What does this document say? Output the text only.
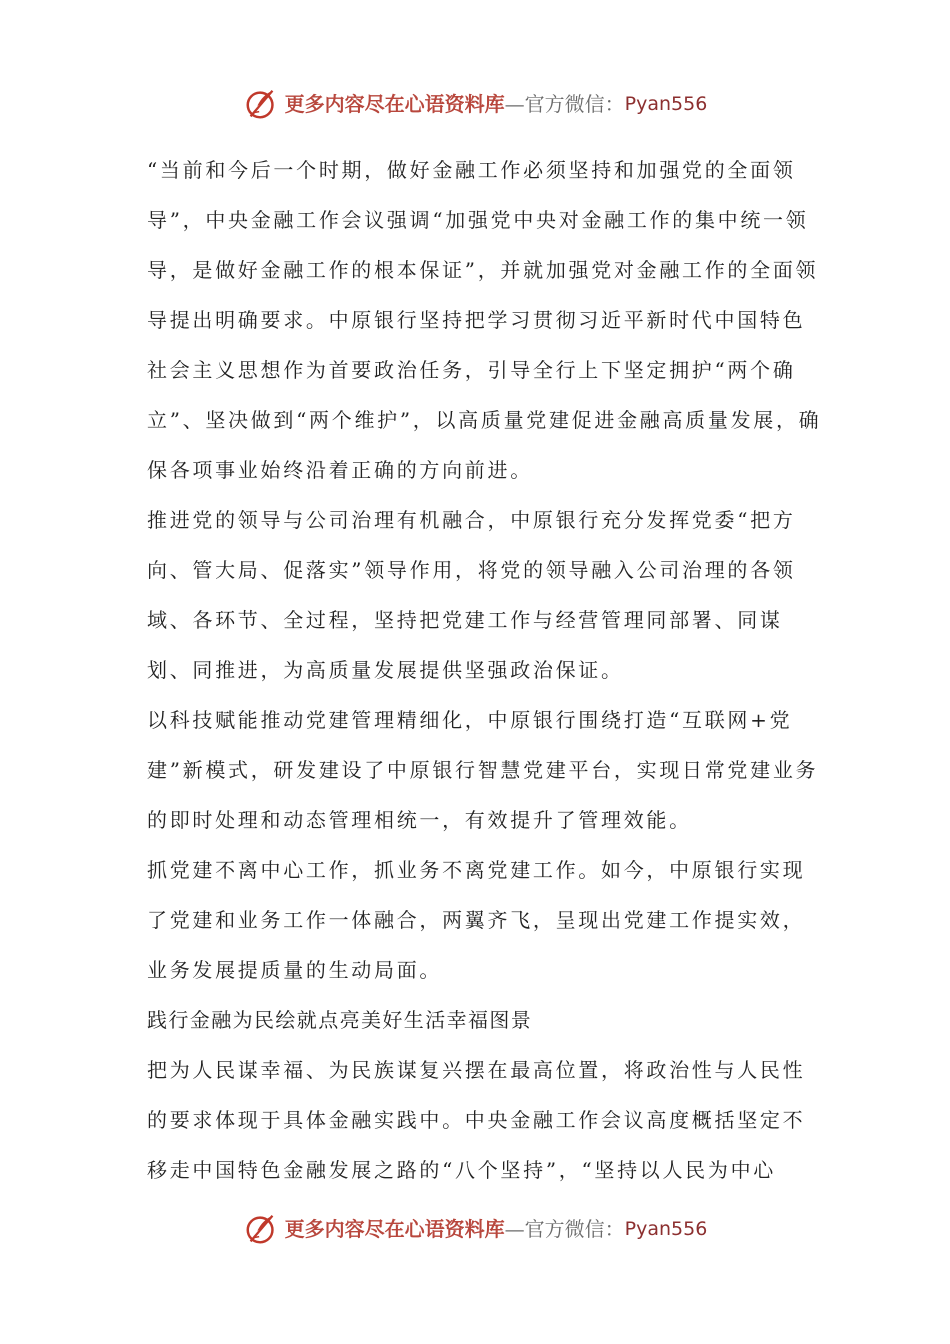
更多内容尽在心语资料库 —官方微信： Pyan556

“当前和今后一个时期，做好金融工作必须坚持和加强党的全面领导”，中央金融工作会议强调“加强党中央对金融工作的集中统一领导，是做好金融工作的根本保证”，并就加强党对金融工作的全面领导提出明确要求。中原银行坚持把学习贯彻习近平新时代中国特色社会主义思想作为首要政治任务，引导全行上下坚定拥护“两个确立”、坚决做到“两个维护”，以高质量党建促进金融高质量发展，确保各项事业始终沿着正确的方向前进。

推进党的领导与公司治理有机融合，中原银行充分发挥党委“把方向、管大局、促落实”领导作用，将党的领导融入公司治理的各领域、各环节、全过程，坚持把党建工作与经营管理同部署、同谋划、同推进，为高质量发展提供坚强政治保证。

以科技赋能推动党建管理精细化，中原银行围绕打造“互联网+党建”新模式，研发建设了中原银行智慧党建平台，实现日常党建业务的即时处理和动态管理相统一，有效提升了管理效能。

抓党建不离中心工作，抓业务不离党建工作。如今，中原银行实现了党建和业务工作一体融合，两翼齐飞，呈现出党建工作提实效，业务发展提质量的生动局面。

践行金融为民绘就点亮美好生活幸福图景

把为人民谋幸福、为民族谋复兴摆在最高位置，将政治性与人民性的要求体现于具体金融实践中。中央金融工作会议高度概括坚定不移走中国特色金融发展之路的“八个坚持”，“坚持以人民为中心

更多内容尽在心语资料库 —官方微信： Pyan556
